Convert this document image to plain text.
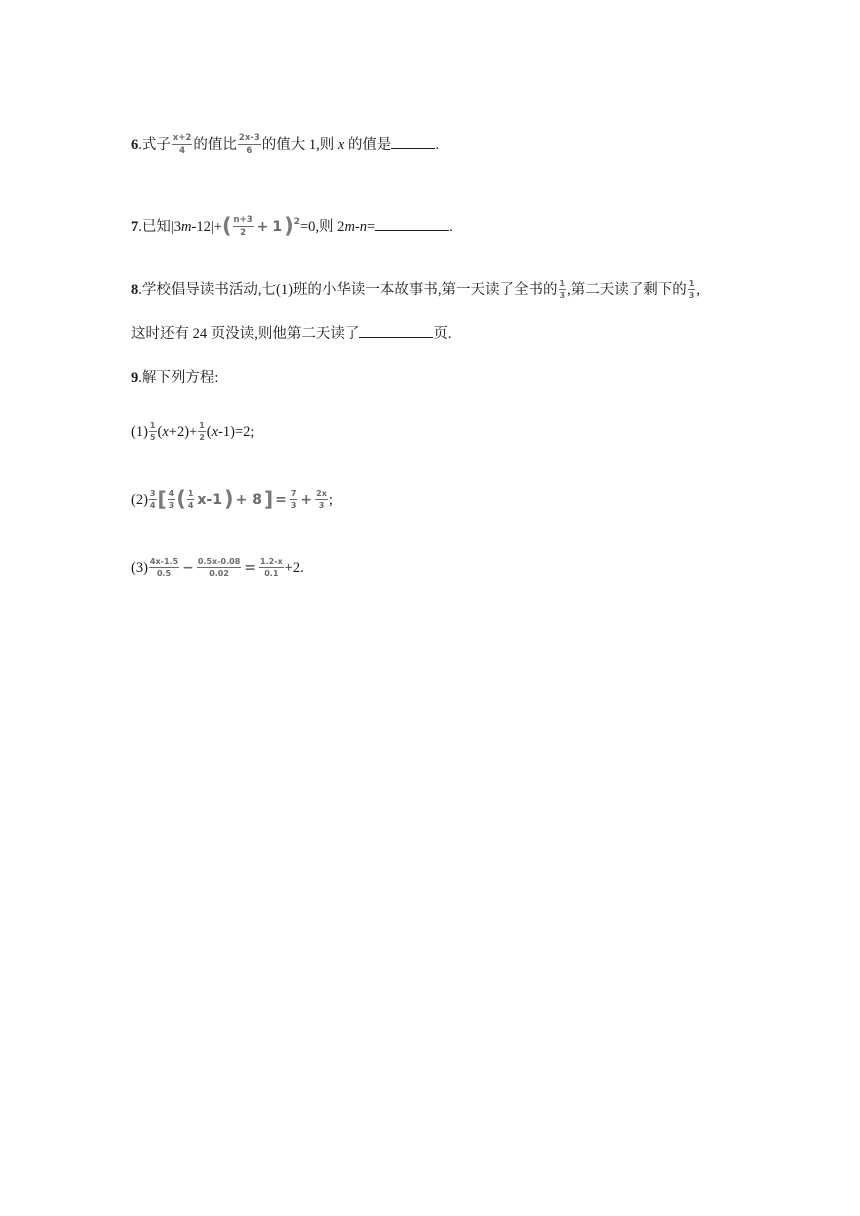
6.式子 $\frac{x+2}{4}$ 的值比 $\frac{2x-3}{6}$ 的值大 1,则 x 的值是	.
7.已知$|3m-12|+( \frac{n+3}{2} + 1)^2=0$,则 2m-n=	.
8.学校倡导读书活动,七(1)班的小华读一本故事书,第一天读了全书的 $\frac{1}{3}$ ,第二天读了剩下的 $\frac{1}{3}$ ,
这时还有 24 页没读,则他第二天读了	页.
9.解下列方程:
$(1) \frac{1}{5} (x+2)+ \frac{1}{2} (x-1)=2$;
$(2) \frac{3}{4}$ [ $\frac{4}{3}$ ( $\frac{1}{4} x-1) + 8$ ] = $\frac{7}{3} + \frac{2x}{3}$ ;
$(3) \frac{4x-1.5}{0.5} - \frac{0.5x-0.08}{0.02} = \frac{1.2-x}{0.1} +2$.
